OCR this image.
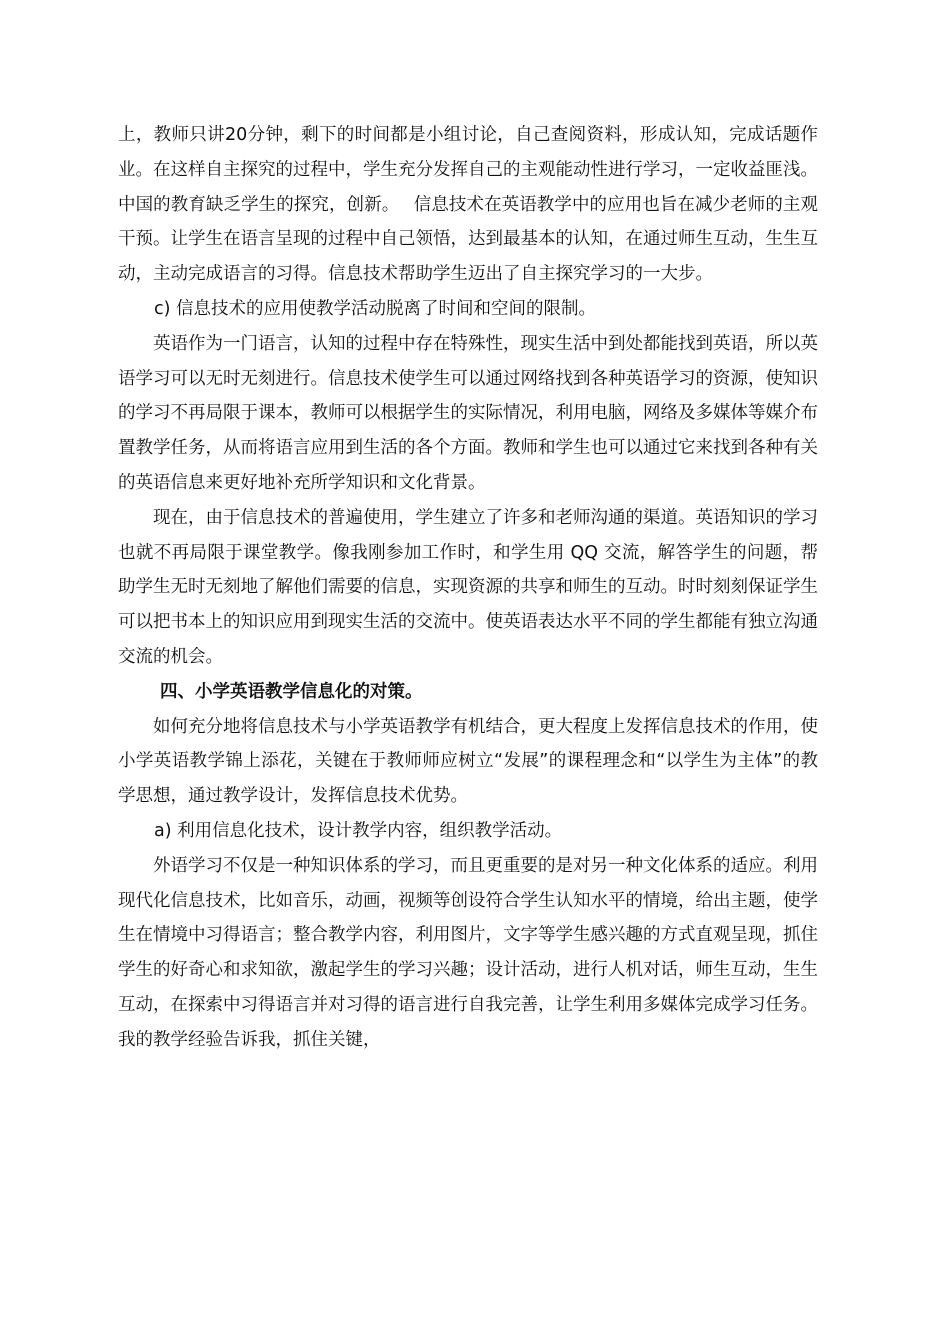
上，教师只讲20分钟，剩下的时间都是小组讨论，自己查阅资料，形成认知，完成话题作业。在这样自主探究的过程中，学生充分发挥自己的主观能动性进行学习，一定收益匪浅。中国的教育缺乏学生的探究，创新。　 信息技术在英语教学中的应用也旨在减少老师的主观干预。让学生在语言呈现的过程中自己领悟，达到最基本的认知，在通过师生互动，生生互动，主动完成语言的习得。信息技术帮助学生迈出了自主探究学习的一大步。

c) 信息技术的应用使教学活动脱离了时间和空间的限制。

英语作为一门语言，认知的过程中存在特殊性，现实生活中到处都能找到英语，所以英语学习可以无时无刻进行。信息技术使学生可以通过网络找到各种英语学习的资源，使知识的学习不再局限于课本，教师可以根据学生的实际情况，利用电脑，网络及多媒体等媒介布置教学任务，从而将语言应用到生活的各个方面。教师和学生也可以通过它来找到各种有关的英语信息来更好地补充所学知识和文化背景。

现在，由于信息技术的普遍使用，学生建立了许多和老师沟通的渠道。英语知识的学习也就不再局限于课堂教学。像我刚参加工作时，和学生用 QQ 交流，解答学生的问题，帮助学生无时无刻地了解他们需要的信息，实现资源的共享和师生的互动。时时刻刻保证学生可以把书本上的知识应用到现实生活的交流中。使英语表达水平不同的学生都能有独立沟通交流的机会。

四、小学英语教学信息化的对策。

如何充分地将信息技术与小学英语教学有机结合，更大程度上发挥信息技术的作用，使小学英语教学锦上添花，关键在于教师师应树立“发展”的课程理念和“以学生为主体”的教学思想，通过教学设计，发挥信息技术优势。

a) 利用信息化技术，设计教学内容，组织教学活动。

外语学习不仅是一种知识体系的学习，而且更重要的是对另一种文化体系的适应。利用现代化信息技术，比如音乐，动画，视频等创设符合学生认知水平的情境，给出主题，使学生在情境中习得语言；整合教学内容，利用图片，文字等学生感兴趣的方式直观呈现，抓住学生的好奇心和求知欲，激起学生的学习兴趣；设计活动，进行人机对话，师生互动，生生互动，在探索中习得语言并对习得的语言进行自我完善，让学生利用多媒体完成学习任务。我的教学经验告诉我，抓住关键，
